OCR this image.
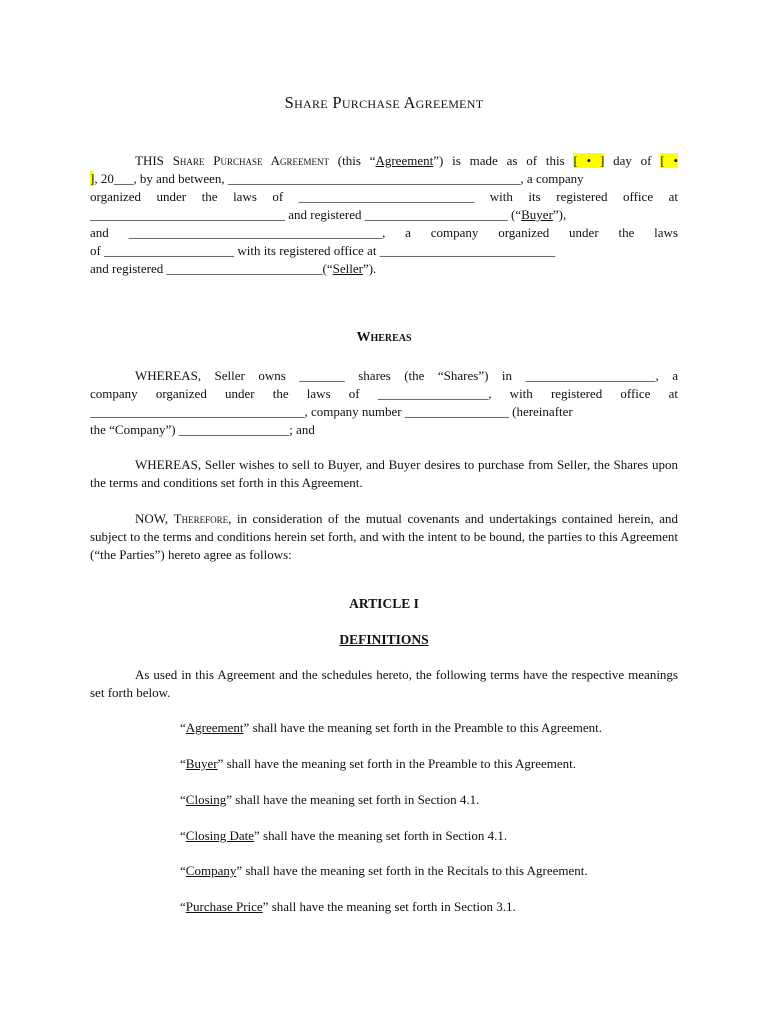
Share Purchase Agreement
THIS Share Purchase Agreement (this “Agreement”) is made as of this [ • ] day of [ •
], 20___, by and between, _____________________________________________, a company
organized under the laws of ___________________________ with its registered office at
______________________________ and registered ______________________ (“Buyer”),
and _______________________________________, a company organized under the laws
of ____________________ with its registered office at ___________________________
and registered ________________________(“Seller”).
Whereas
WHEREAS, Seller owns _______ shares (the “Shares”) in ____________________, a
company organized under the laws of _________________, with registered office at
_________________________________, company number ________________ (hereinafter
the “Company”) _________________; and
WHEREAS, Seller wishes to sell to Buyer, and Buyer desires to purchase from Seller, the Shares upon the terms and conditions set forth in this Agreement.
NOW, Therefore, in consideration of the mutual covenants and undertakings contained herein, and subject to the terms and conditions herein set forth, and with the intent to be bound, the parties to this Agreement (“the Parties”) hereto agree as follows:
ARTICLE I
DEFINITIONS
As used in this Agreement and the schedules hereto, the following terms have the respective meanings set forth below.
“Agreement” shall have the meaning set forth in the Preamble to this Agreement.
“Buyer” shall have the meaning set forth in the Preamble to this Agreement.
“Closing” shall have the meaning set forth in Section 4.1.
“Closing Date” shall have the meaning set forth in Section 4.1.
“Company” shall have the meaning set forth in the Recitals to this Agreement.
“Purchase Price” shall have the meaning set forth in Section 3.1.
